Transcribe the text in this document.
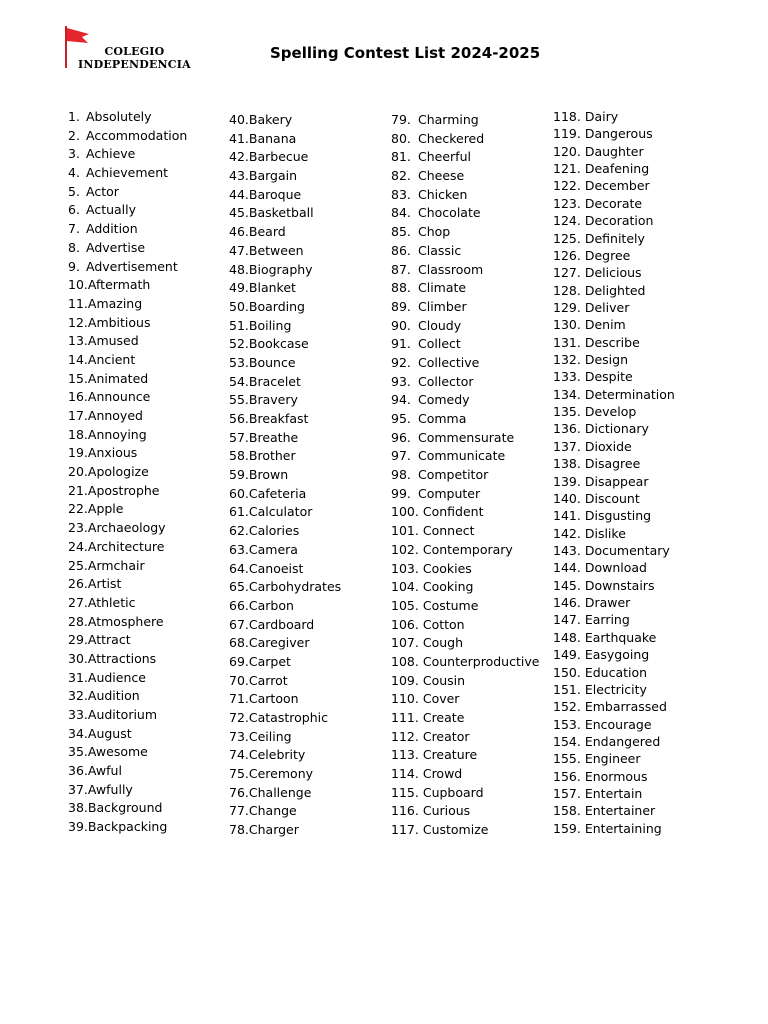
COLEGIO
INDEPENDENCIA
Spelling Contest List 2024-2025
1. Absolutely
2. Accommodation
3. Achieve
4. Achievement
5. Actor
6. Actually
7. Addition
8. Advertise
9. Advertisement
10. Aftermath
11. Amazing
12. Ambitious
13. Amused
14. Ancient
15. Animated
16. Announce
17. Annoyed
18. Annoying
19. Anxious
20. Apologize
21. Apostrophe
22. Apple
23. Archaeology
24. Architecture
25. Armchair
26. Artist
27. Athletic
28. Atmosphere
29. Attract
30. Attractions
31. Audience
32. Audition
33. Auditorium
34. August
35. Awesome
36. Awful
37. Awfully
38. Background
39. Backpacking
40. Bakery
41. Banana
42. Barbecue
43. Bargain
44. Baroque
45. Basketball
46. Beard
47. Between
48. Biography
49. Blanket
50. Boarding
51. Boiling
52. Bookcase
53. Bounce
54. Bracelet
55. Bravery
56. Breakfast
57. Breathe
58. Brother
59. Brown
60. Cafeteria
61. Calculator
62. Calories
63. Camera
64. Canoeist
65. Carbohydrates
66. Carbon
67. Cardboard
68. Caregiver
69. Carpet
70. Carrot
71. Cartoon
72. Catastrophic
73. Ceiling
74. Celebrity
75. Ceremony
76. Challenge
77. Change
78. Charger
79. Charming
80. Checkered
81. Cheerful
82. Cheese
83. Chicken
84. Chocolate
85. Chop
86. Classic
87. Classroom
88. Climate
89. Climber
90. Cloudy
91. Collect
92. Collective
93. Collector
94. Comedy
95. Comma
96. Commensurate
97. Communicate
98. Competitor
99. Computer
100. Confident
101. Connect
102. Contemporary
103. Cookies
104. Cooking
105. Costume
106. Cotton
107. Cough
108. Counterproductive
109. Cousin
110. Cover
111. Create
112. Creator
113. Creature
114. Crowd
115. Cupboard
116. Curious
117. Customize
118. Dairy
119. Dangerous
120. Daughter
121. Deafening
122. December
123. Decorate
124. Decoration
125. Definitely
126. Degree
127. Delicious
128. Delighted
129. Deliver
130. Denim
131. Describe
132. Design
133. Despite
134. Determination
135. Develop
136. Dictionary
137. Dioxide
138. Disagree
139. Disappear
140. Discount
141. Disgusting
142. Dislike
143. Documentary
144. Download
145. Downstairs
146. Drawer
147. Earring
148. Earthquake
149. Easygoing
150. Education
151. Electricity
152. Embarrassed
153. Encourage
154. Endangered
155. Engineer
156. Enormous
157. Entertain
158. Entertainer
159. Entertaining
